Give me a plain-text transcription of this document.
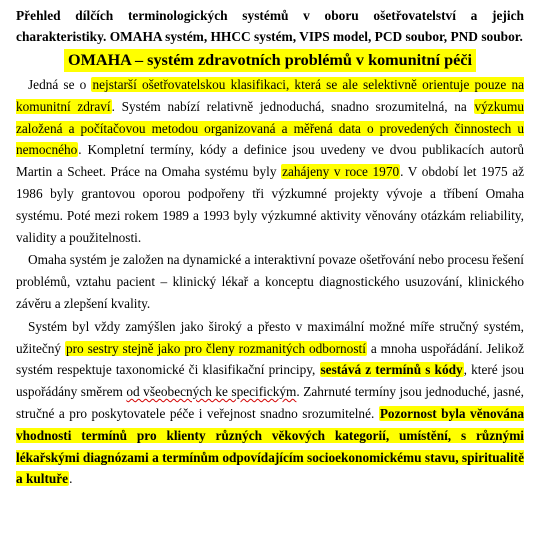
Přehled dílčích terminologických systémů v oboru ošetřovatelství a jejich charakteristiky. OMAHA systém, HHCC systém, VIPS model, PCD soubor, PND soubor.
OMAHA – systém zdravotních problémů v komunitní péči

Jedná se o nejstarší ošetřovatelskou klasifikaci, která se ale selektivně orientuje pouze na komunitní zdraví. Systém nabízí relativně jednoduchá, snadno srozumitelná, na výzkumu založená a počítačovou metodou organizovaná a měřená data o provedených činnostech u nemocného. Kompletní termíny, kódy a definice jsou uvedeny ve dvou publikacích autorů Martin a Scheet. Práce na Omaha systému byly zahájeny v roce 1970. V období let 1975 až 1986 byly grantovou oporou podpořeny tři výzkumné projekty vývoje a tříbení Omaha systému. Poté mezi rokem 1989 a 1993 byly výzkumné aktivity věnovány otázkám reliability, validity a použitelnosti.

Omaha systém je založen na dynamické a interaktivní povaze ošetřování nebo procesu řešení problémů, vztahu pacient – klinický lékař a konceptu diagnostického usuzování, klinického závěru a zlepšení kvality.

Systém byl vždy zamýšlen jako široký a přesto v maximální možné míře stručný systém, užitečný pro sestry stejně jako pro členy rozmanitých odborností a mnoha uspořádání. Jelikož systém respektuje taxonomické či klasifikační principy, sestává z termínů s kódy, které jsou uspořádány směrem od všeobecných ke specifickým. Zahrnuté termíny jsou jednoduché, jasné, stručné a pro poskytovatele péče i veřejnost snadno srozumitelné. Pozornost byla věnována vhodnosti termínů pro klienty různých věkových kategorií, umístění, s různými lékařskými diagnózami a termínům odpovídajícím socioekonomickému stavu, spiritualitě a kultuře.
